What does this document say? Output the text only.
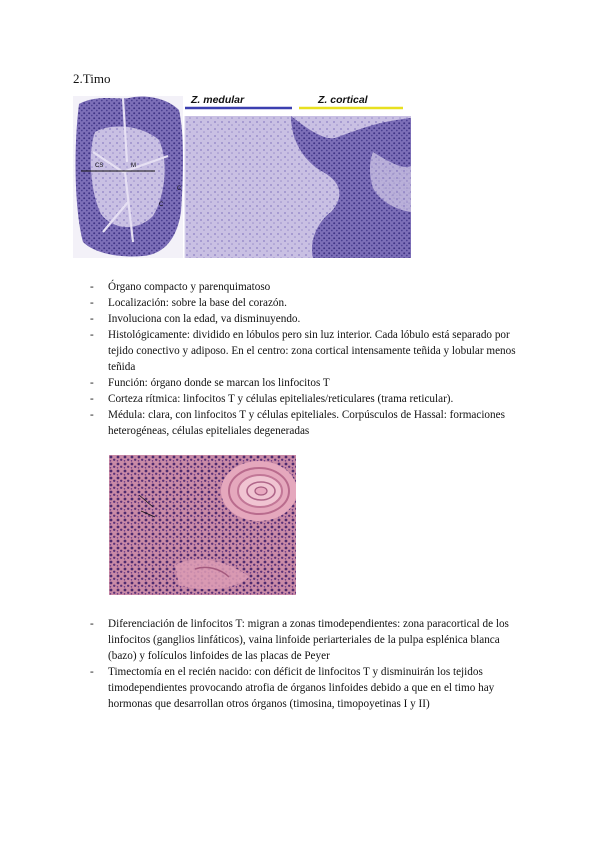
2.Timo
CS	M
C
C
Z. medular	Z. cortical
- Órgano compacto y parenquimatoso
- Localización: sobre la base del corazón.
- Involuciona con la edad, va disminuyendo.
- Histológicamente: dividido en lóbulos pero sin luz interior. Cada lóbulo está separado por tejido conectivo y adiposo. En el centro: zona cortical intensamente teñida y lobular menos teñida
- Función: órgano donde se marcan los linfocitos T
- Corteza rítmica: linfocitos T y células epiteliales/reticulares (trama reticular).
- Médula: clara, con linfocitos T y células epiteliales. Corpúsculos de Hassal: formaciones heterogéneas, células epiteliales degeneradas
- Diferenciación de linfocitos T: migran a zonas timodependientes: zona paracortical de los linfocitos (ganglios linfáticos), vaina linfoide periarteriales de la pulpa esplénica blanca (bazo) y folículos linfoides de las placas de Peyer
- Timectomía en el recién nacido: con déficit de linfocitos T y disminuirán los tejidos timodependientes provocando atrofia de órganos linfoides debido a que en el timo hay hormonas que desarrollan otros órganos (timosina, timopoyetinas I y II)
